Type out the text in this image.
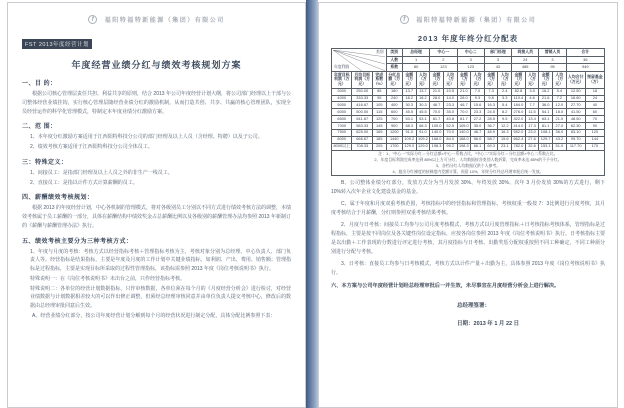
f 福阳特福特新能源（集团）有限公司
FST 2013年度经营计划
年度经营业绩分红与绩效考核规划方案
一、目 的：
根据公司核心管理层责任共担、利益共享的原则，结合 2013 年公司年度经营计划大纲，将公司部门经理以上干部与公司整体经营业绩挂钩，实行核心管理层随经营业绩分红的激励机制，从而打造共创、共享、共赢的核心管理团队，实现全员经营运作的科学化管理模式，特制定本年度业绩分红激励方案。
二、范 围：
1、本年度分红激励方案适用于江西阳特科技分公司的部门经理及以上人员（含经理、特聘）以及子公司。
2、绩效考核方案适用于江西阳特科技分公司全体员工。
三：特殊定义：
1、间接员工：是指部门经理及以上人员之外的非生产一线员工。
2、直接员工：是指以计件方式计算薪酬的员工。
四、薪酬绩效考核规划：
根据 2013 的年度经营计划，中心各机制的管理模式，将对各级别员工分别以不同方式进行绩效考核方法的调整，本绩效考核属于员工薪酬的一部分，具体在薪酬结构中绩效奖金占总薪酬比例以及各级别的薪酬管理办法均参照 2013 年新制订的《薪酬与薪酬管理办法》执行。
五、绩效考核主要分为三种考核方式：
1、年度与月度的考核：考核方式以经营指标考核＋管理指标考核为主，考核对象分别为总经理、中心负责人、部门负责人等。经营指标是结果指标，主要是年度及月度的工作计划中关键业绩指标，如利润、产出、费用、销售额；管理指标是过程指标，主要是实现目标所采取的过程性管理指标，该指标需参照 2013 年度《岗位考核说明书》执行。
特殊说明一：在《岗位考核说明书》未出台之前，只作经营指标考核。
特殊说明二：各单位的经营计划数据指标，只作审核数据，各单位须在每个月的《月度经营分析会》进行检讨，对经营业绩数据与计划数据相差较大的可以作出修正调整，但须经总经理审核同意并由单位负责人提交考核中心，修改后的数据由总经理审批同意后生效。
A、经营业绩分红部分，按公司年度经营计划分解到每个月的经营状况进行制定分配，具体分配比例参照下表：
f 福阳特福特新能源（集团）有限公司
2013 年度年终分红分配表
类别
年度利润			类别	总经理		中心一		中心二		部门经理		间接人员		营销人员		合计	
			人数	1		2		3		3		24		3		36	
			系数	80		123		123		43		485		95		949	
年度目标利润（万元）	月均目标利润（万元）	完成系数（%）	分红总额（万元）	金额（万元）	人均（万元）	金额（万元）	人均（万元）	金额（万元）	人均（万元）	金额（万元）	人均（万元）	金额（万元）	人均（万元）	金额（万元）	人均（万元）	人均合计（万元）	预留基金（万）
3000	250.00	85	180	13.7	13.7	21.0	10.5	21.0	7.0	7.3	2.4	82.8	3.5	16.2	5.4	12.50	18
4000	333.33	95	240	18.2	18.2	28.0	14.0	28.0	9.3	9.8	3.3	110.4	4.6	21.6	7.2	16.60	24
5000	416.67	105	400	30.3	30.3	46.7	23.3	46.7	15.6	16.3	5.4	184.0	7.7	36.0	12.0	27.70	40
6000	500.00	115	600	45.5	45.5	70.0	35.0	70.0	23.3	24.5	8.2	276.0	11.5	54.1	18.0	41.50	60
6500	541.67	125	700	53.1	53.1	81.7	40.8	81.7	27.2	28.5	9.5	322.0	13.4	63.1	21.0	48.50	70
7000	583.33	145	900	68.3	68.3	105.0	52.5	105.0	35.0	36.7	12.2	414.0	17.3	81.1	27.0	62.30	90
7500	625.00	165	1200	91.0	91.0	140.0	70.0	140.0	46.7	48.9	16.3	552.0	23.0	108.1	36.0	83.10	120
8000	666.67	185	1440	109.2	109.2	168.0	84.0	168.0	56.0	58.7	19.6	662.4	27.6	129.7	43.2	99.70	144
8000以上	708.33	205	1700	129.0	129.0	198.3	99.2	198.3	66.1	69.3	23.1	782.0	32.6	153.1	51.0	117.70	170

注：1、“中心一”实际分红＝分红总额×中心一系数占比，“中心二”实际分红＝分红总额×中心二系数占比。
2、年度目标利润完成率达到 85%以上方可分红，人均数据按各类别人数折算，完成率未达 85%的不予分红。
3、各档分红人均数据仅供个人参考。
4、超出分红梯度的按梯度内差额计算，预留 10%，年终分红经总经理审批后统一发放。																	
B、公司整体业绩分红部分，发放方式分为当月发放 30%、年终发放 30%、次年 3 月份发放 30%的方式进行，剩下 10%转入次年企业文化建设基金的基金。
C、属于年度和月度双重考核范围，考核指标中的经营指标和管理指标，考核权重一般按 7：3比例进行月度考核，其月度考核结合于月薪酬，分红则参照双重考核结果考核。
2、月度与日考核：间接员工均参与公司月度考核模式，考核方式以月度管理指标＋日考核指标考核体系，管理指标是过程指标，主要是按不同岗位及各关键性岗位设定指标，应按各岗位参照 2013 年度《岗位考核说明书》执行。日考核指标主要是以出勤＋工作表现的分数进行评定进行考核，其月度指标与日考核、出勤奖惩分配权重按照不同工种确定，不同工种须分别进行分配与考核。
3、日考核：直接员工均参与日考核模式，考核方式以计件产量＋出勤为主，具体参照 2013 年度《岗位考核说明书》执行。
六、本方案与公司年度经营计划经总经理审批后一并生效，未尽事宜在月度经营分析会上进行解决。
总经理签署：
日期：2013 年 1 月 22 日
